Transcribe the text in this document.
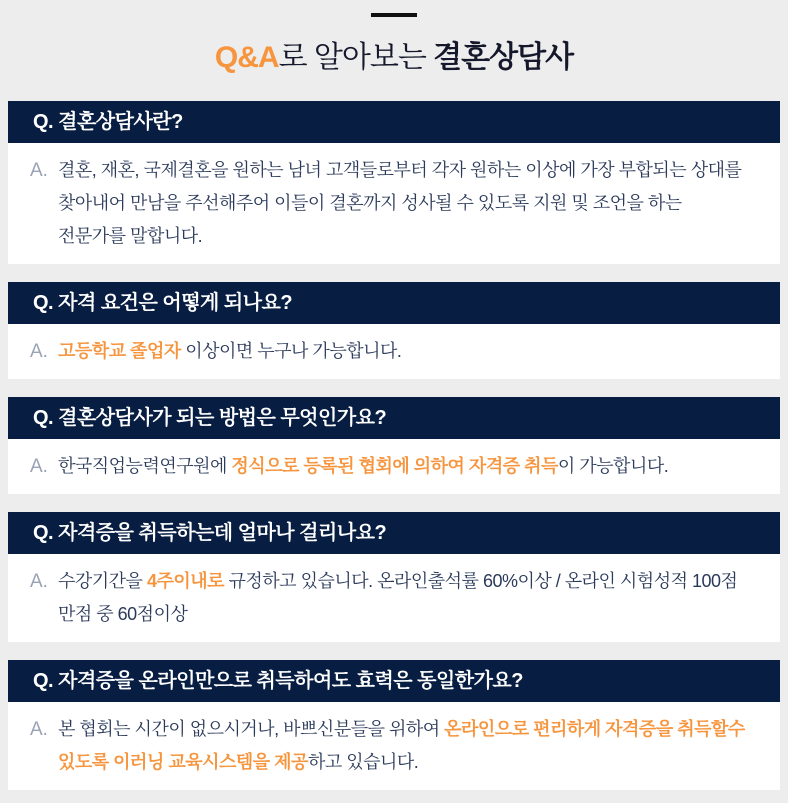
Q&A로 알아보는 결혼상담사
Q. 결혼상담사란?
A. 결혼, 재혼, 국제결혼을 원하는 남녀 고객들로부터 각자 원하는 이상에 가장 부합되는 상대를 찾아내어 만남을 주선해주어 이들이 결혼까지 성사될 수 있도록 지원 및 조언을 하는 전문가를 말합니다.

Q. 자격 요건은 어떻게 되나요?
A. 고등학교 졸업자 이상이면 누구나 가능합니다.

Q. 결혼상담사가 되는 방법은 무엇인가요?
A. 한국직업능력연구원에 정식으로 등록된 협회에 의하여 자격증 취득이 가능합니다.

Q. 자격증을 취득하는데 얼마나 걸리나요?
A. 수강기간을 4주이내로 규정하고 있습니다. 온라인출석률 60%이상 / 온라인 시험성적 100점 만점 중 60점이상

Q. 자격증을 온라인만으로 취득하여도 효력은 동일한가요?
A. 본 협회는 시간이 없으시거나, 바쁘신분들을 위하여 온라인으로 편리하게 자격증을 취득할수 있도록 이러닝 교육시스템을 제공하고 있습니다.
